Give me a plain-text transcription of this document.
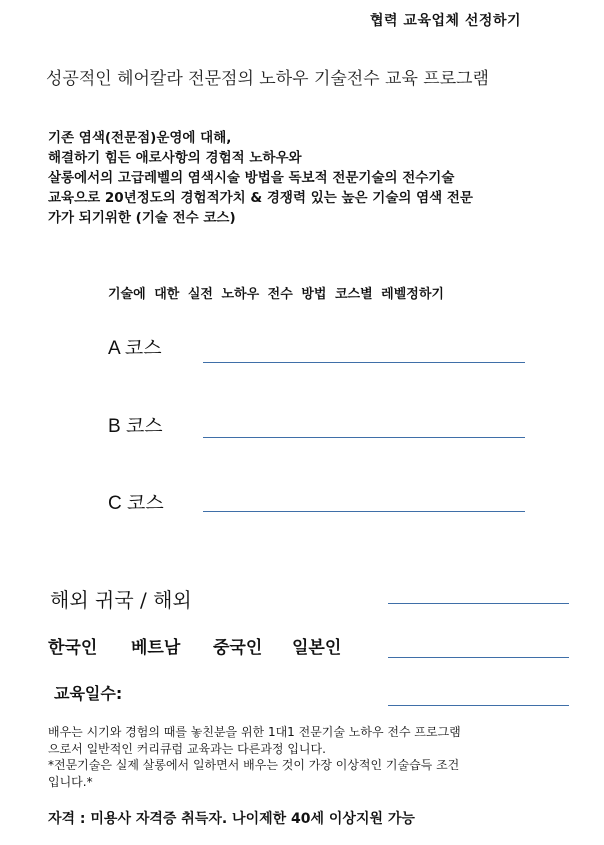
협력 교육업체 선정하기
성공적인 헤어칼라 전문점의 노하우 기술전수 교육 프로그램
기존 염색(전문점)운영에 대해,
해결하기 힘든 애로사항의 경험적 노하우와
살롱에서의 고급레벨의 염색시술 방법을 독보적 전문기술의 전수기술
교육으로 20년정도의 경험적가치 & 경쟁력 있는 높은 기술의 염색 전문
가가 되기위한 (기술 전수 코스)
기술에 대한 실전 노하우 전수 방법 코스별 레벨정하기
A 코스
B 코스
C 코스
해외 귀국 / 해외
한국인 베트남 중국인 일본인
교육일수:
배우는 시기와 경험의 때를 놓친분을 위한 1대1 전문기술 노하우 전수 프로그램
으로서 일반적인 커리큐럼 교육과는 다른과정 입니다.
*전문기술은 실제 살롱에서 일하면서 배우는 것이 가장 이상적인 기술습득 조건
입니다.*
자격 : 미용사 자격증 취득자. 나이제한 40세 이상지원 가능
